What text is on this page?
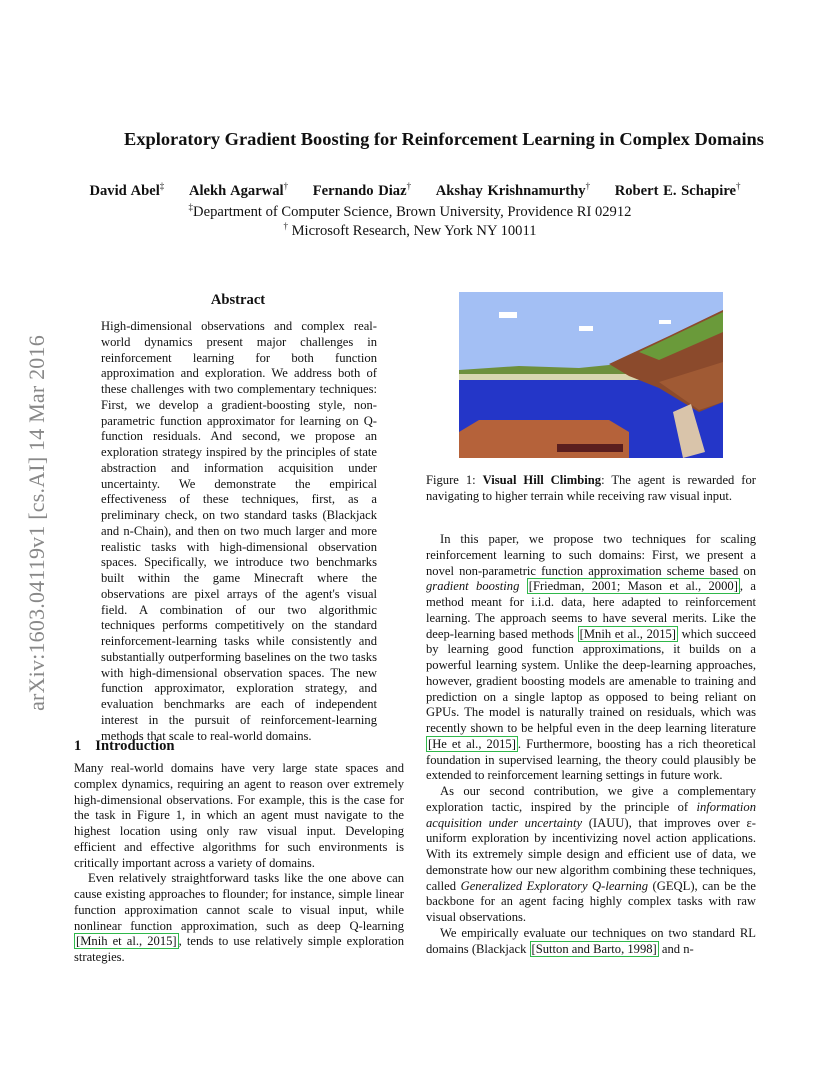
arXiv:1603.04119v1 [cs.AI] 14 Mar 2016
Exploratory Gradient Boosting for Reinforcement Learning in Complex Domains
David Abel‡ Alekh Agarwal† Fernando Diaz† Akshay Krishnamurthy† Robert E. Schapire†
‡Department of Computer Science, Brown University, Providence RI 02912
† Microsoft Research, New York NY 10011
Abstract
High-dimensional observations and complex real-world dynamics present major challenges in reinforcement learning for both function approximation and exploration. We address both of these challenges with two complementary techniques: First, we develop a gradient-boosting style, non-parametric function approximator for learning on Q-function residuals. And second, we propose an exploration strategy inspired by the principles of state abstraction and information acquisition under uncertainty. We demonstrate the empirical effectiveness of these techniques, first, as a preliminary check, on two standard tasks (Blackjack and n-Chain), and then on two much larger and more realistic tasks with high-dimensional observation spaces. Specifically, we introduce two benchmarks built within the game Minecraft where the observations are pixel arrays of the agent's visual field. A combination of our two algorithmic techniques performs competitively on the standard reinforcement-learning tasks while consistently and substantially outperforming baselines on the two tasks with high-dimensional observation spaces. The new function approximator, exploration strategy, and evaluation benchmarks are each of independent interest in the pursuit of reinforcement-learning methods that scale to real-world domains.
1 Introduction

Many real-world domains have very large state spaces and complex dynamics, requiring an agent to reason over extremely high-dimensional observations. For example, this is the case for the task in Figure 1, in which an agent must navigate to the highest location using only raw visual input. Developing efficient and effective algorithms for such environments is critically important across a variety of domains.

Even relatively straightforward tasks like the one above can cause existing approaches to flounder; for instance, simple linear function approximation cannot scale to visual input, while nonlinear function approximation, such as deep Q-learning [Mnih et al., 2015] , tends to use relatively simple exploration strategies.

Figure 1: Visual Hill Climbing: The agent is rewarded for navigating to higher terrain while receiving raw visual input.

In this paper, we propose two techniques for scaling reinforcement learning to such domains: First, we present a novel non-parametric function approximation scheme based on gradient boosting [Friedman, 2001; Mason et al., 2000] , a method meant for i.i.d. data, here adapted to reinforcement learning. The approach seems to have several merits. Like the deep-learning based methods [Mnih et al., 2015] which succeed by learning good function approximations, it builds on a powerful learning system. Unlike the deep-learning approaches, however, gradient boosting models are amenable to training and prediction on a single laptop as opposed to being reliant on GPUs. The model is naturally trained on residuals, which was recently shown to be helpful even in the deep learning literature [He et al., 2015] . Furthermore, boosting has a rich theoretical foundation in supervised learning, the theory could plausibly be extended to reinforcement learning settings in future work.

As our second contribution, we give a complementary exploration tactic, inspired by the principle of information acquisition under uncertainty (IAUU), that improves over ε-uniform exploration by incentivizing novel action applications. With its extremely simple design and efficient use of data, we demonstrate how our new algorithm combining these techniques, called Generalized Exploratory Q-learning (GEQL), can be the backbone for an agent facing highly complex tasks with raw visual observations.

We empirically evaluate our techniques on two standard RL domains (Blackjack [Sutton and Barto, 1998] and n-
